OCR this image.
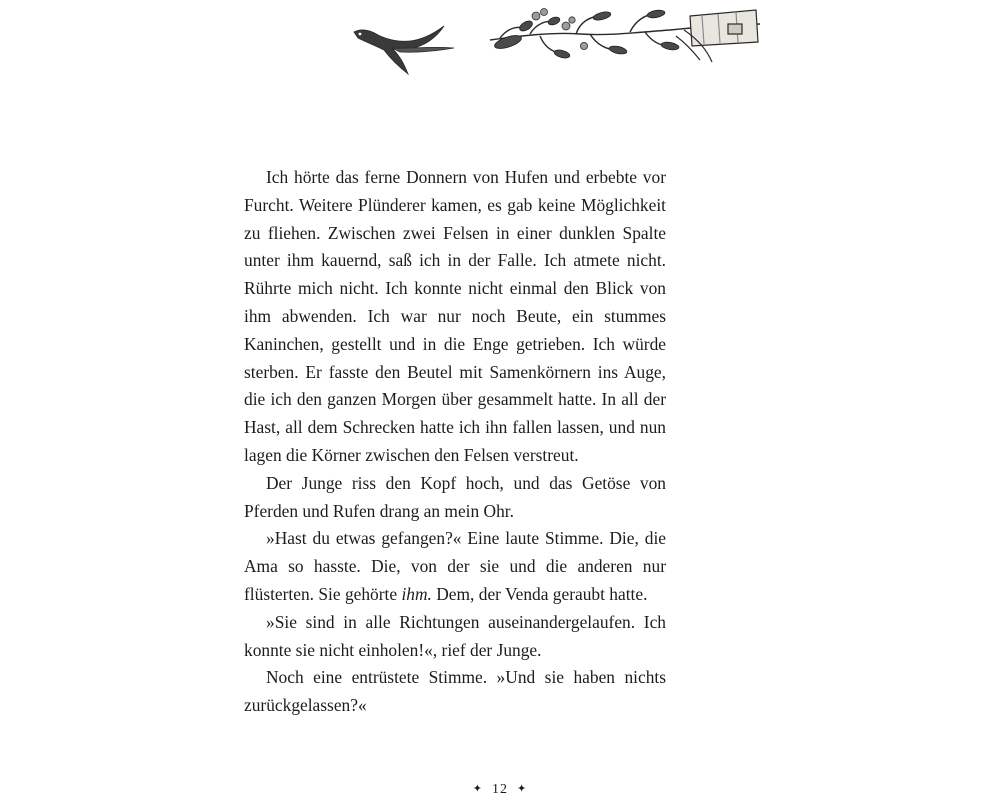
Ich hörte das ferne Donnern von Hufen und erbebte vor Furcht. Weitere Plünderer kamen, es gab keine Möglichkeit zu fliehen. Zwischen zwei Felsen in einer dunklen Spalte unter ihm kauernd, saß ich in der Falle. Ich atmete nicht. Rührte mich nicht. Ich konnte nicht einmal den Blick von ihm abwenden. Ich war nur noch Beute, ein stummes Kaninchen, gestellt und in die Enge getrieben. Ich würde sterben. Er fasste den Beutel mit Samenkörnern ins Auge, die ich den ganzen Morgen über gesammelt hatte. In all der Hast, all dem Schrecken hatte ich ihn fallen lassen, und nun lagen die Körner zwischen den Felsen verstreut.

Der Junge riss den Kopf hoch, und das Getöse von Pferden und Rufen drang an mein Ohr.

»Hast du etwas gefangen?« Eine laute Stimme. Die, die Ama so hasste. Die, von der sie und die anderen nur flüsterten. Sie gehörte ihm. Dem, der Venda geraubt hatte.

»Sie sind in alle Richtungen auseinandergelaufen. Ich konnte sie nicht einholen!«, rief der Junge.

Noch eine entrüstete Stimme. »Und sie haben nichts zurückgelassen?«

✦ 12 ✦
